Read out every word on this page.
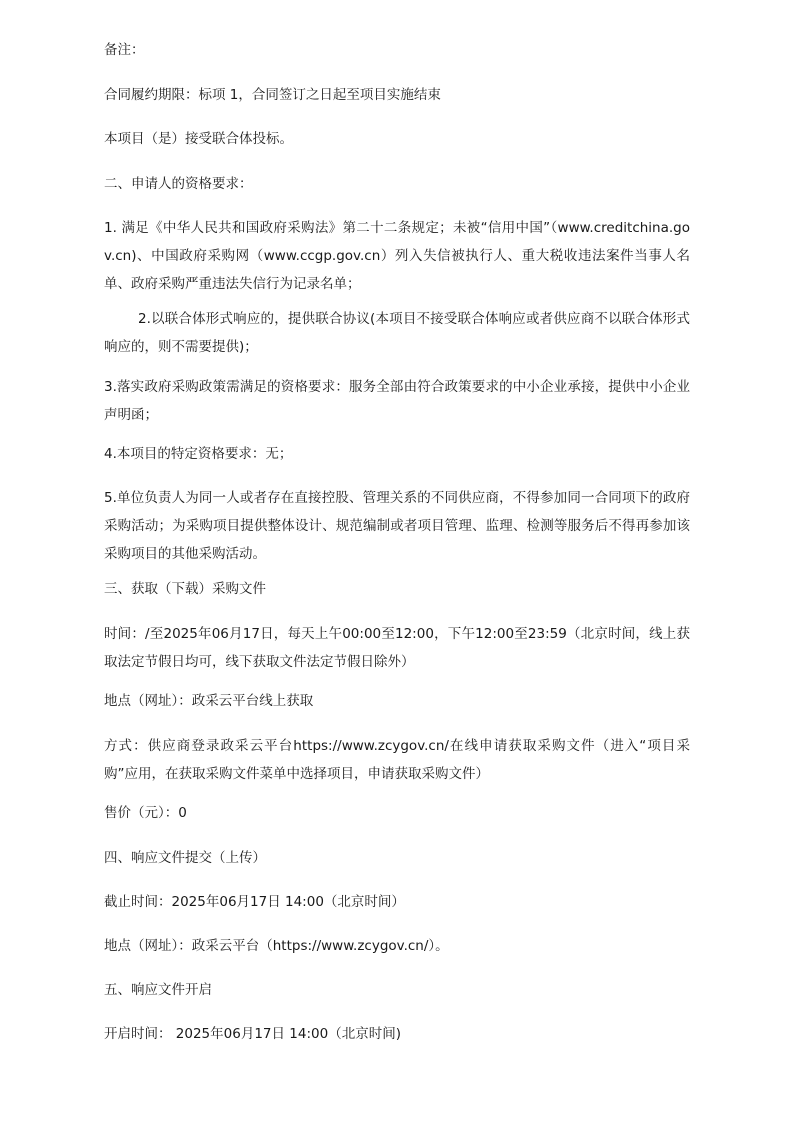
备注：

合同履约期限：标项 1，合同签订之日起至项目实施结束

本项目（是）接受联合体投标。

二、申请人的资格要求：

1. 满足《中华人民共和国政府采购法》第二十二条规定；未被“信用中国”（www.creditchina.gov.cn)、中国政府采购网（www.ccgp.gov.cn）列入失信被执行人、重大税收违法案件当事人名单、政府采购严重违法失信行为记录名单；

2.以联合体形式响应的，提供联合协议(本项目不接受联合体响应或者供应商不以联合体形式响应的，则不需要提供)；

3.落实政府采购政策需满足的资格要求：服务全部由符合政策要求的中小企业承接，提供中小企业声明函；

4.本项目的特定资格要求：无；

5.单位负责人为同一人或者存在直接控股、管理关系的不同供应商，不得参加同一合同项下的政府采购活动；为采购项目提供整体设计、规范编制或者项目管理、监理、检测等服务后不得再参加该采购项目的其他采购活动。

三、获取（下载）采购文件

时间：/至2025年06月17日，每天上午00:00至12:00，下午12:00至23:59（北京时间，线上获取法定节假日均可，线下获取文件法定节假日除外）

地点（网址）：政采云平台线上获取

方式：供应商登录政采云平台https://www.zcygov.cn/在线申请获取采购文件（进入“项目采购”应用，在获取采购文件菜单中选择项目，申请获取采购文件）

售价（元）：0

四、响应文件提交（上传）

截止时间：2025年06月17日 14:00（北京时间）

地点（网址）：政采云平台（https://www.zcygov.cn/）。

五、响应文件开启

开启时间： 2025年06月17日 14:00（北京时间)
